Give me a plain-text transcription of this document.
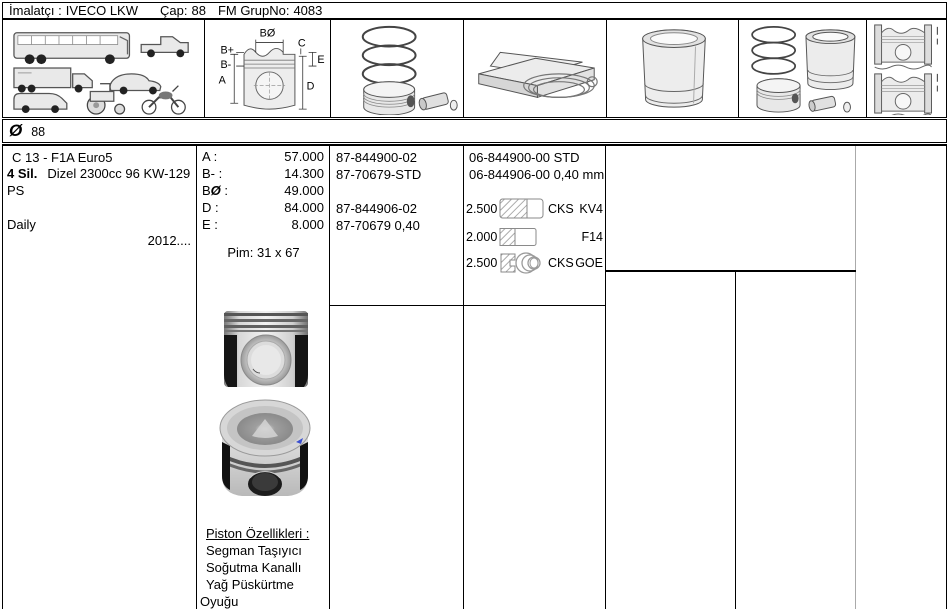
İmalatçı : IVECO LKW Çap: 88 FM GrupNo: 4083
BØ
B+
B-
C
E
A	D
Ø 88
C 13 - F1A Euro5
4 Sil. Dizel 2300cc 96 KW-129 PS
Daily
2012....
A :	57.000
B- :	14.300
BØ :	49.000
D :	84.000
E :	8.000
Pim: 31 x 67
Piston Özellikleri :
Segman Taşıyıcı
Soğutma Kanallı
Yağ Püskürtme Oyuğu
87-844900-02
87-70679-STD
87-844906-02
87-70679 0,40
06-844900-00 STD
06-844906-00 0,40 mm
2.500	CKS KV4
2.000	F14
2.500	CKS GOE
